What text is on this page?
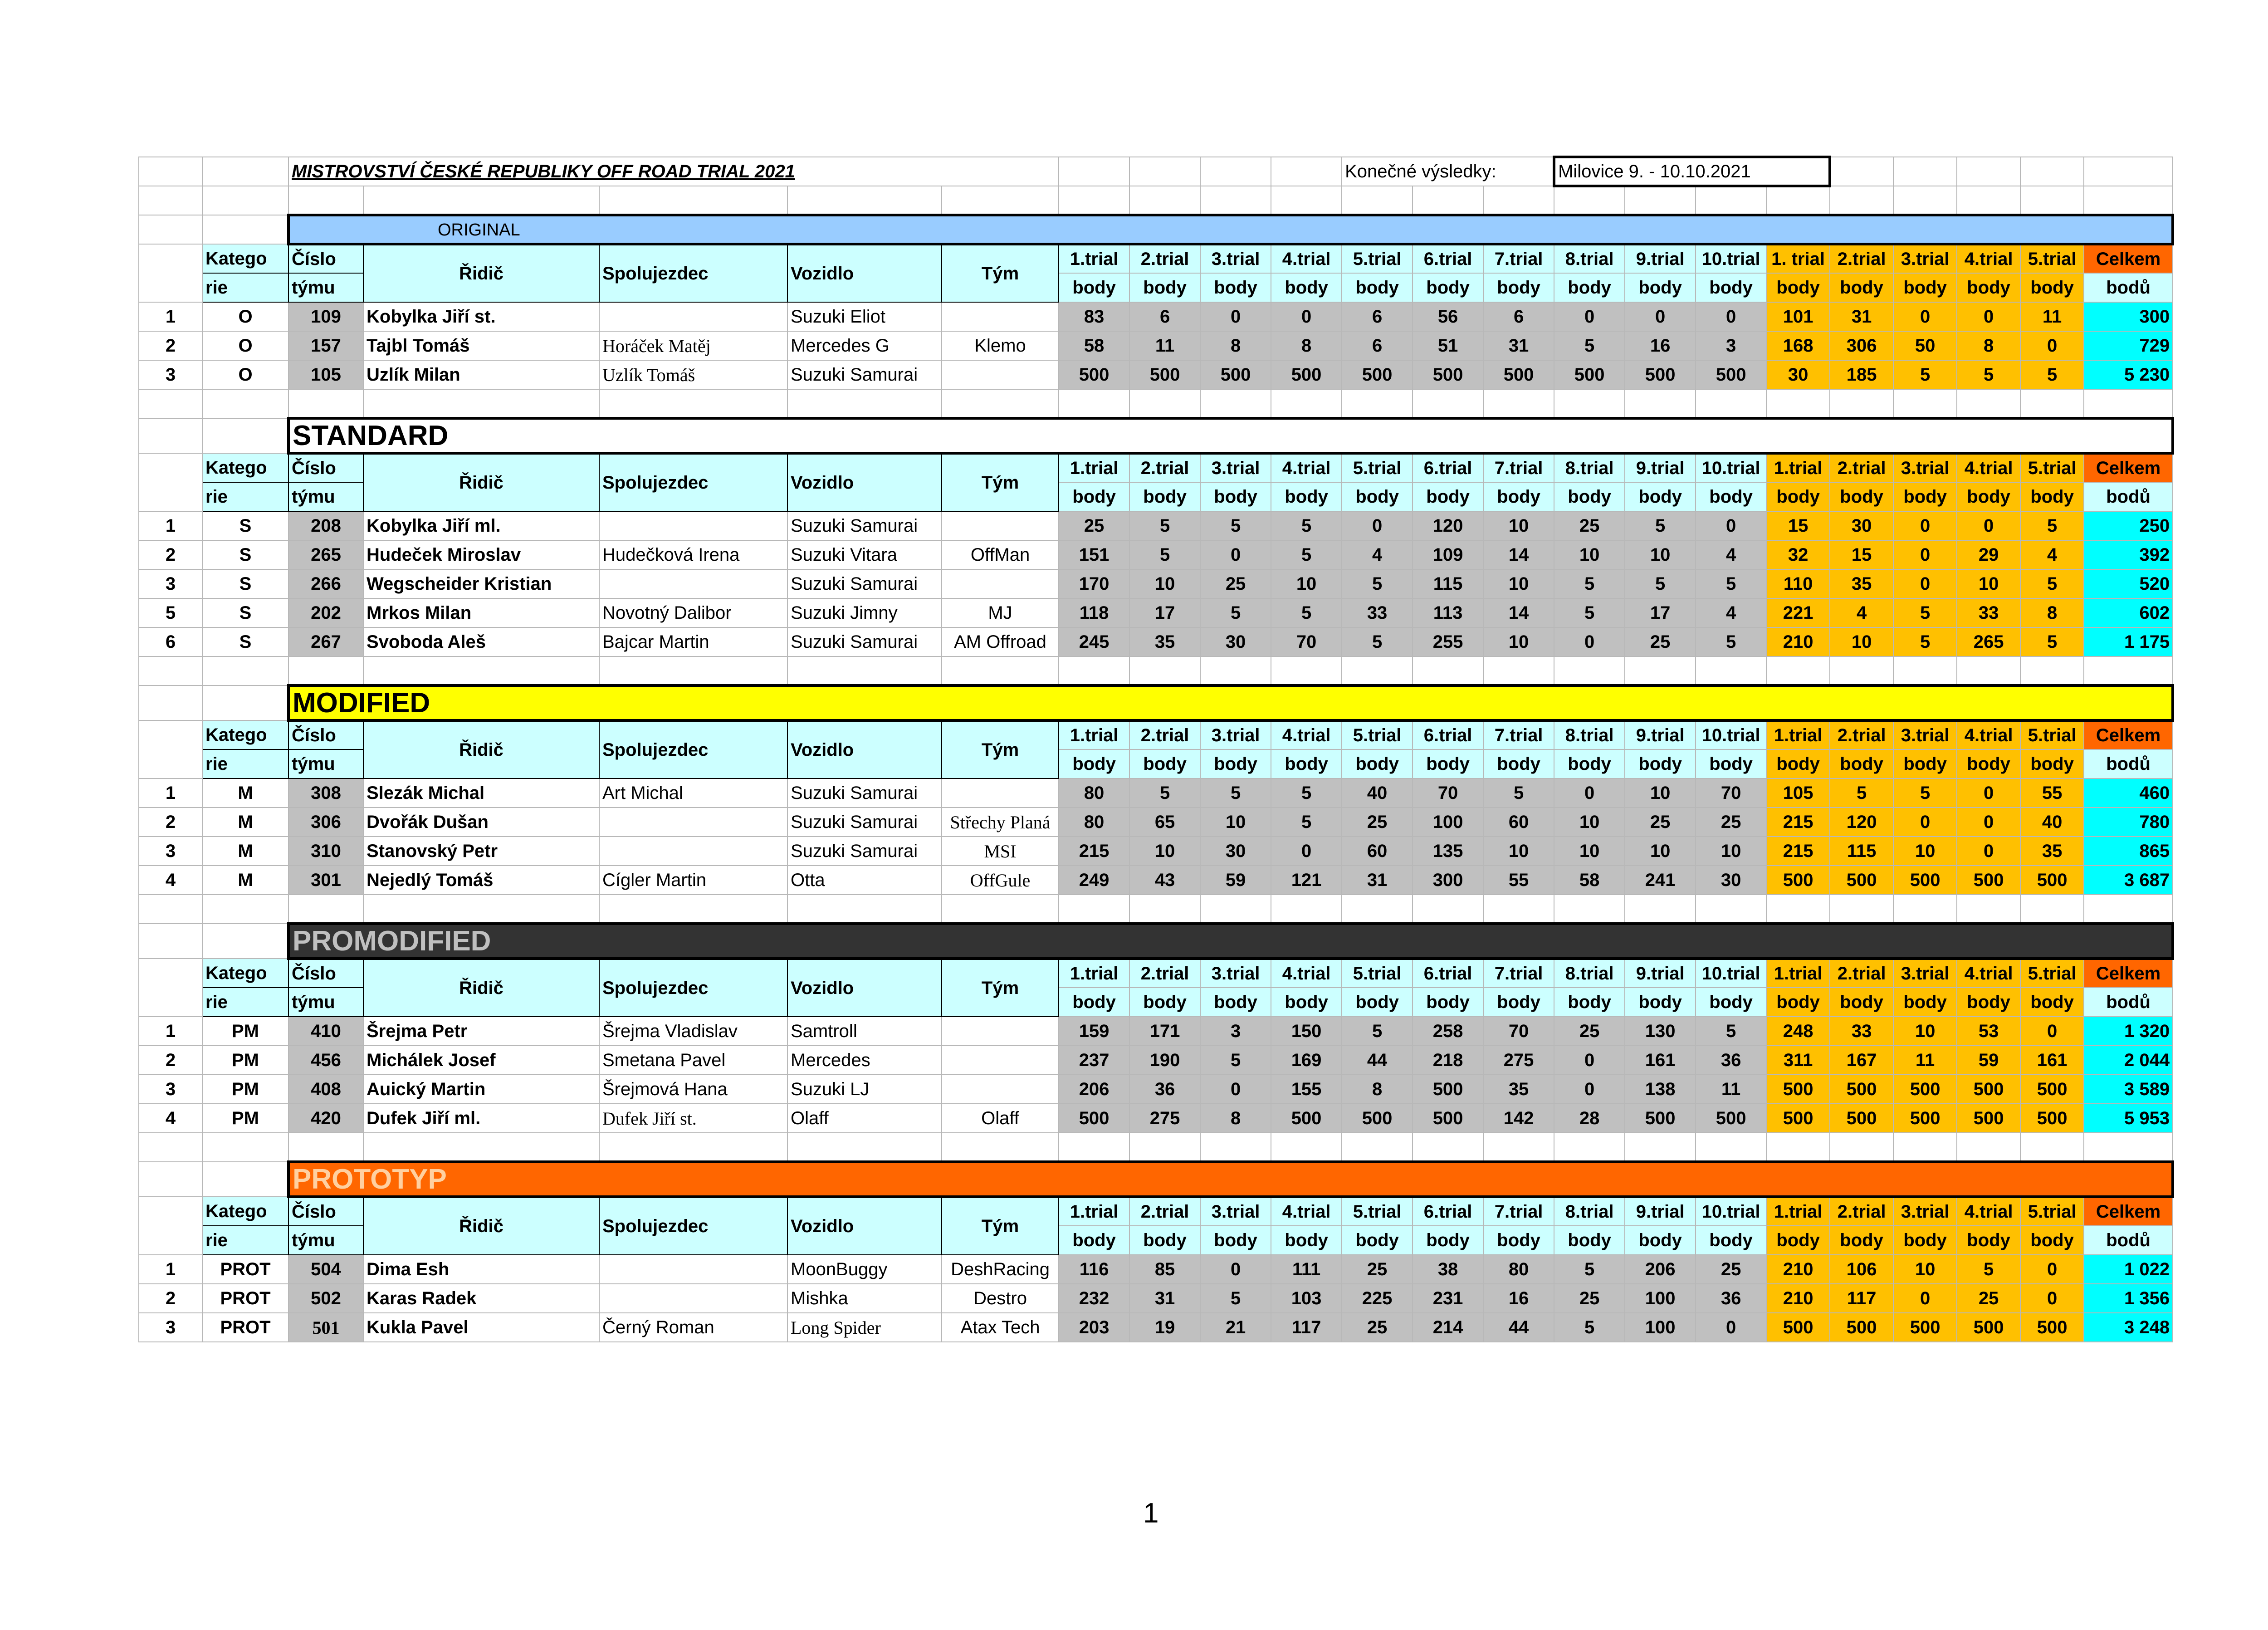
		MISTROVSTVÍ ČESKÉ REPUBLIKY OFF ROAD TRIAL 2021									Konečné výsledky:			Milovice 9. - 10.10.2021								

		ORIGINAL																				
	Katego	Číslo	Řidič	Spolujezdec	Vozidlo	Tým	1.trial	2.trial	3.trial	4.trial	5.trial	6.trial	7.trial	8.trial	9.trial	10.trial	1. trial	2.trial	3.trial	4.trial	5.trial	Celkem
	rie	týmu					body	body	body	body	body	body	body	body	body	body	body	body	body	body	body	bodů
1	O	109	Kobylka Jiří st.		Suzuki Eliot		83	6	0	0	6	56	6	0	0	0	101	31	0	0	11	300
2	O	157	Tajbl Tomáš	Horáček Matěj	Mercedes G	Klemo	58	11	8	8	6	51	31	5	16	3	168	306	50	8	0	729
3	O	105	Uzlík Milan	Uzlík Tomáš	Suzuki Samurai		500	500	500	500	500	500	500	500	500	500	30	185	5	5	5	5 230

		STANDARD																				
	Katego	Číslo	Řidič	Spolujezdec	Vozidlo	Tým	1.trial	2.trial	3.trial	4.trial	5.trial	6.trial	7.trial	8.trial	9.trial	10.trial	1.trial	2.trial	3.trial	4.trial	5.trial	Celkem
	rie	týmu					body	body	body	body	body	body	body	body	body	body	body	body	body	body	body	bodů
1	S	208	Kobylka Jiří ml.		Suzuki Samurai		25	5	5	5	0	120	10	25	5	0	15	30	0	0	5	250
2	S	265	Hudeček Miroslav	Hudečková Irena	Suzuki Vitara	OffMan	151	5	0	5	4	109	14	10	10	4	32	15	0	29	4	392
3	S	266	Wegscheider Kristian		Suzuki Samurai		170	10	25	10	5	115	10	5	5	5	110	35	0	10	5	520
5	S	202	Mrkos Milan	Novotný Dalibor	Suzuki Jimny	MJ	118	17	5	5	33	113	14	5	17	4	221	4	5	33	8	602
6	S	267	Svoboda Aleš	Bajcar Martin	Suzuki Samurai	AM Offroad	245	35	30	70	5	255	10	0	25	5	210	10	5	265	5	1 175

		MODIFIED																				
	Katego	Číslo	Řidič	Spolujezdec	Vozidlo	Tým	1.trial	2.trial	3.trial	4.trial	5.trial	6.trial	7.trial	8.trial	9.trial	10.trial	1.trial	2.trial	3.trial	4.trial	5.trial	Celkem
	rie	týmu					body	body	body	body	body	body	body	body	body	body	body	body	body	body	body	bodů
1	M	308	Slezák Michal	Art Michal	Suzuki Samurai		80	5	5	5	40	70	5	0	10	70	105	5	5	0	55	460
2	M	306	Dvořák Dušan		Suzuki Samurai	Střechy Planá	80	65	10	5	25	100	60	10	25	25	215	120	0	0	40	780
3	M	310	Stanovský Petr		Suzuki Samurai	MSI	215	10	30	0	60	135	10	10	10	10	215	115	10	0	35	865
4	M	301	Nejedlý Tomáš	Cígler Martin	Otta	OffGule	249	43	59	121	31	300	55	58	241	30	500	500	500	500	500	3 687

		PROMODIFIED																				
	Katego	Číslo	Řidič	Spolujezdec	Vozidlo	Tým	1.trial	2.trial	3.trial	4.trial	5.trial	6.trial	7.trial	8.trial	9.trial	10.trial	1.trial	2.trial	3.trial	4.trial	5.trial	Celkem
	rie	týmu					body	body	body	body	body	body	body	body	body	body	body	body	body	body	body	bodů
1	PM	410	Šrejma Petr	Šrejma Vladislav	Samtroll		159	171	3	150	5	258	70	25	130	5	248	33	10	53	0	1 320
2	PM	456	Michálek Josef	Smetana Pavel	Mercedes		237	190	5	169	44	218	275	0	161	36	311	167	11	59	161	2 044
3	PM	408	Auický Martin	Šrejmová Hana	Suzuki LJ		206	36	0	155	8	500	35	0	138	11	500	500	500	500	500	3 589
4	PM	420	Dufek Jiří ml.	Dufek Jiří st.	Olaff	Olaff	500	275	8	500	500	500	142	28	500	500	500	500	500	500	500	5 953

		PROTOTYP																				
	Katego	Číslo	Řidič	Spolujezdec	Vozidlo	Tým	1.trial	2.trial	3.trial	4.trial	5.trial	6.trial	7.trial	8.trial	9.trial	10.trial	1.trial	2.trial	3.trial	4.trial	5.trial	Celkem
	rie	týmu					body	body	body	body	body	body	body	body	body	body	body	body	body	body	body	bodů
1	PROT	504	Dima Esh		MoonBuggy	DeshRacing	116	85	0	111	25	38	80	5	206	25	210	106	10	5	0	1 022
2	PROT	502	Karas Radek		Mishka	Destro	232	31	5	103	225	231	16	25	100	36	210	117	0	25	0	1 356
3	PROT	501	Kukla Pavel	Černý Roman	Long Spider	Atax Tech	203	19	21	117	25	214	44	5	100	0	500	500	500	500	500	3 248
1
